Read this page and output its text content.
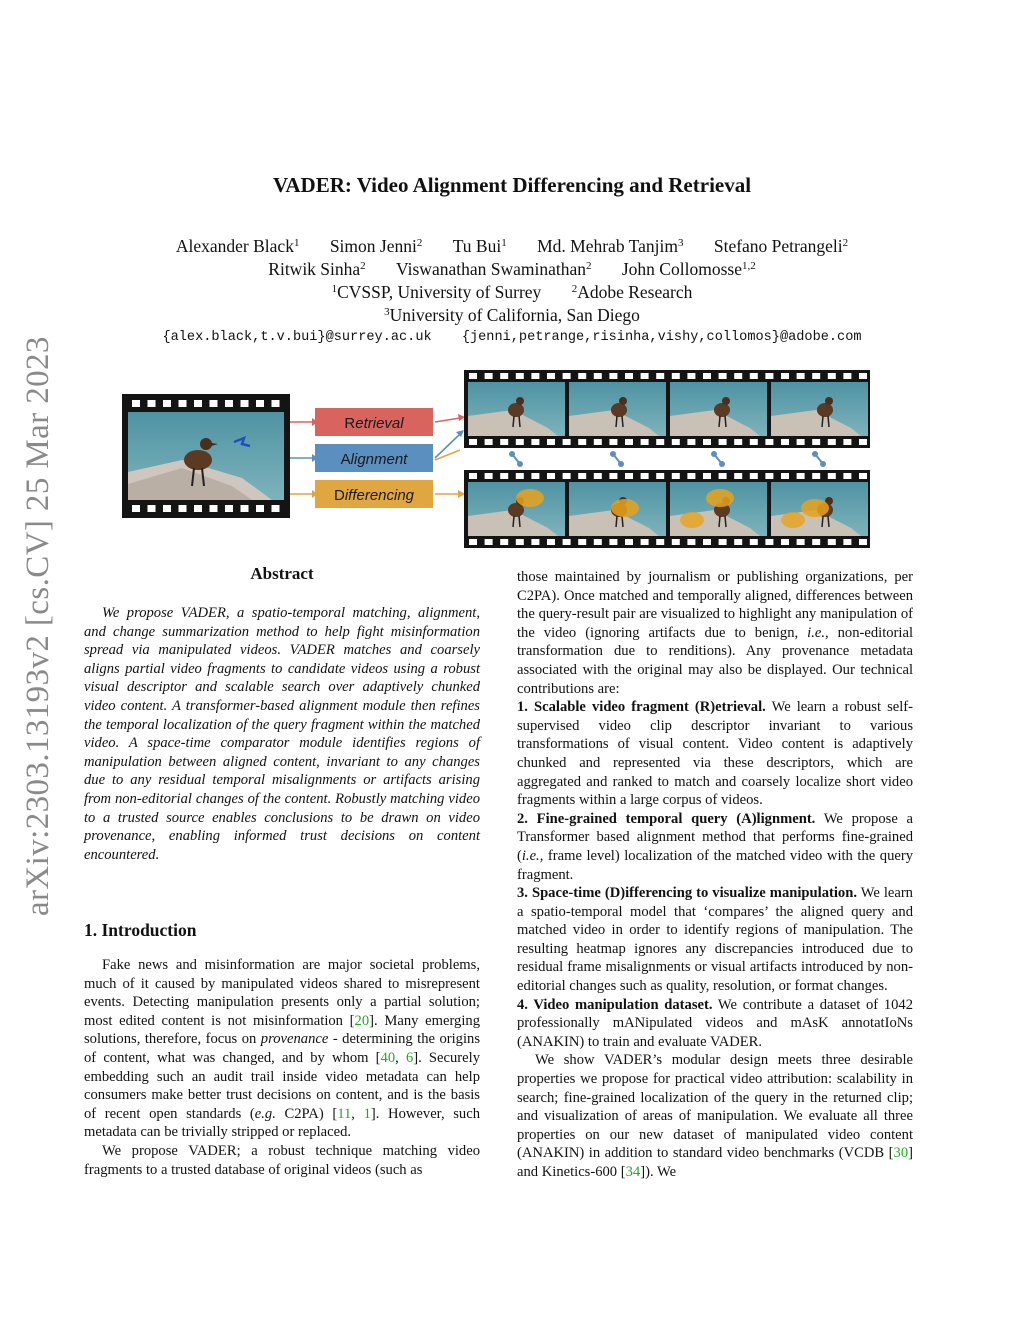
arXiv:2303.13193v2 [cs.CV] 25 Mar 2023
VADER: Video Alignment Differencing and Retrieval
Alexander Black$^1$ Simon Jenni$^2$ Tu Bui$^1$ Md. Mehrab Tanjim$^3$ Stefano Petrangeli$^2$
Ritwik Sinha$^2$ Viswanathan Swaminathan$^2$ John Collomosse$^{1,2}$
$^1$CVSSP, University of Surrey	$^2$Adobe Research
$^3$University of California, San Diego
{alex.black,t.v.bui}@surrey.ac.uk {jenni,petrange,risinha,vishy,collomos}@adobe.com
Retrieval
Alignment
Differencing
Abstract
We propose VADER, a spatio-temporal matching, alignment, and change summarization method to help fight misinformation spread via manipulated videos. VADER matches and coarsely aligns partial video fragments to candidate videos using a robust visual descriptor and scalable search over adaptively chunked video content. A transformer-based alignment module then refines the temporal localization of the query fragment within the matched video. A space-time comparator module identifies regions of manipulation between aligned content, invariant to any changes due to any residual temporal misalignments or artifacts arising from non-editorial changes of the content. Robustly matching video to a trusted source enables conclusions to be drawn on video provenance, enabling informed trust decisions on content encountered.
1. Introduction

Fake news and misinformation are major societal problems, much of it caused by manipulated videos shared to misrepresent events. Detecting manipulation presents only a partial solution; most edited content is not misinformation [20]. Many emerging solutions, therefore, focus on provenance - determining the origins of content, what was changed, and by whom [40, 6]. Securely embedding such an audit trail inside video metadata can help consumers make better trust decisions on content, and is the basis of recent open standards (e.g. C2PA) [11, 1]. However, such metadata can be trivially stripped or replaced.

We propose VADER; a robust technique matching video fragments to a trusted database of original videos (such as

those maintained by journalism or publishing organizations, per C2PA). Once matched and temporally aligned, differences between the query-result pair are visualized to highlight any manipulation of the video (ignoring artifacts due to benign, i.e., non-editorial transformation due to renditions). Any provenance metadata associated with the original may also be displayed. Our technical contributions are:

1. Scalable video fragment (R)etrieval. We learn a robust self-supervised video clip descriptor invariant to various transformations of visual content. Video content is adaptively chunked and represented via these descriptors, which are aggregated and ranked to match and coarsely localize short video fragments within a large corpus of videos.

2. Fine-grained temporal query (A)lignment. We propose a Transformer based alignment method that performs fine-grained (i.e., frame level) localization of the matched video with the query fragment.

3. Space-time (D)ifferencing to visualize manipulation. We learn a spatio-temporal model that ‘compares’ the aligned query and matched video in order to identify regions of manipulation. The resulting heatmap ignores any discrepancies introduced due to residual frame misalignments or visual artifacts introduced by non-editorial changes such as quality, resolution, or format changes.

4. Video manipulation dataset. We contribute a dataset of 1042 professionally mANipulated videos and mAsK annotatIoNs (ANAKIN) to train and evaluate VADER.

We show VADER’s modular design meets three desirable properties we propose for practical video attribution: scalability in search; fine-grained localization of the query in the returned clip; and visualization of areas of manipulation. We evaluate all three properties on our new dataset of manipulated video content (ANAKIN) in addition to standard video benchmarks (VCDB [30] and Kinetics-600 [34]). We
